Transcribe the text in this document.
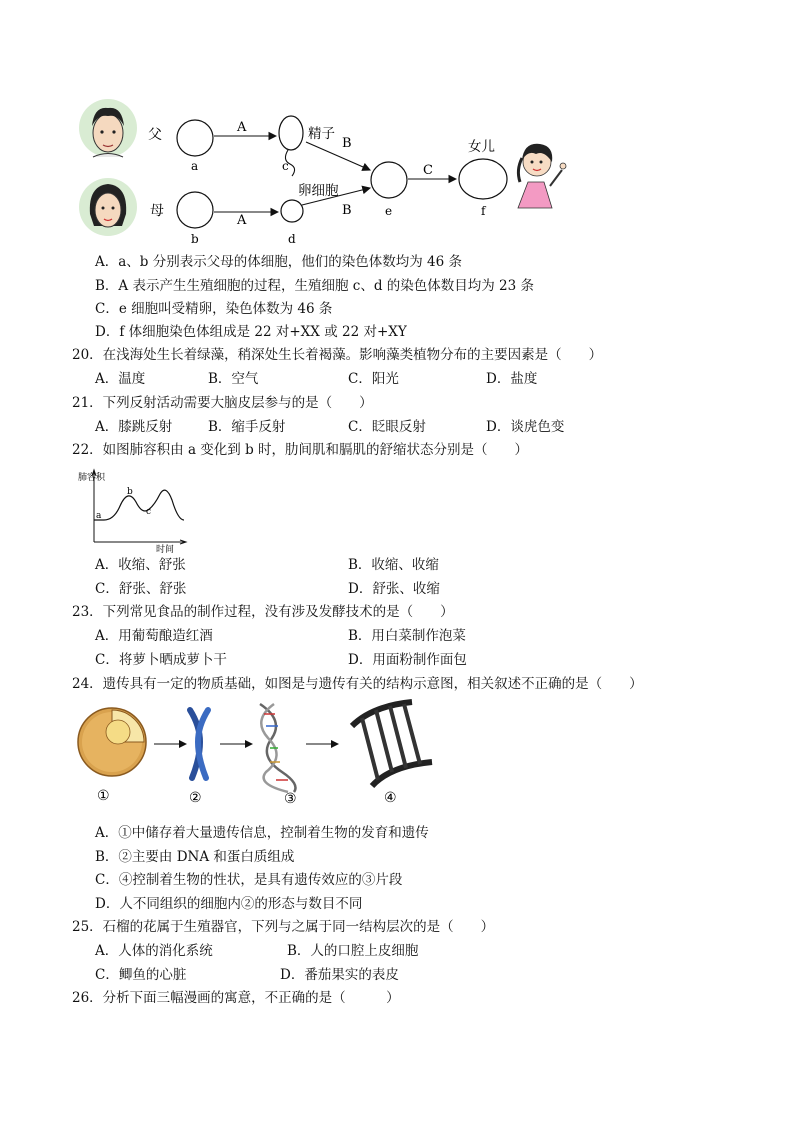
父
母
A
A
B
B
C
精子
卵细胞
女儿
a
b
c
d
e	f
A．a、b 分别表示父母的体细胞，他们的染色体数均为 46 条
B．A 表示产生生殖细胞的过程，生殖细胞 c、d 的染色体数目均为 23 条
C．e 细胞叫受精卵，染色体数为 46 条
D．f 体细胞染色体组成是 22 对+XX 或 22 对+XY
20．在浅海处生长着绿藻，稍深处生长着褐藻。影响藻类植物分布的主要因素是（　　）
A．温度	B．空气	C．阳光	D．盐度
21．下列反射活动需要大脑皮层参与的是（　　）
A．膝跳反射	B．缩手反射	C．眨眼反射	D．谈虎色变
22．如图肺容积由 a 变化到 b 时，肋间肌和膈肌的舒缩状态分别是（　　）
肺容积
时间
a
b
c
A．收缩、舒张	B．收缩、收缩
C．舒张、舒张	D．舒张、收缩
23．下列常见食品的制作过程，没有涉及发酵技术的是（　　）
A．用葡萄酿造红酒	B．用白菜制作泡菜
C．将萝卜晒成萝卜干	D．用面粉制作面包
24．遗传具有一定的物质基础，如图是与遗传有关的结构示意图，相关叙述不正确的是（　　）
①	②	③	④
A．①中储存着大量遗传信息，控制着生物的发育和遗传
B．②主要由 DNA 和蛋白质组成
C．④控制着生物的性状，是具有遗传效应的③片段
D．人不同组织的细胞内②的形态与数目不同
25．石榴的花属于生殖器官，下列与之属于同一结构层次的是（　　）
A．人体的消化系统	B．人的口腔上皮细胞
C．鲫鱼的心脏	D．番茄果实的表皮
26．分析下面三幅漫画的寓意，不正确的是（　　　）
